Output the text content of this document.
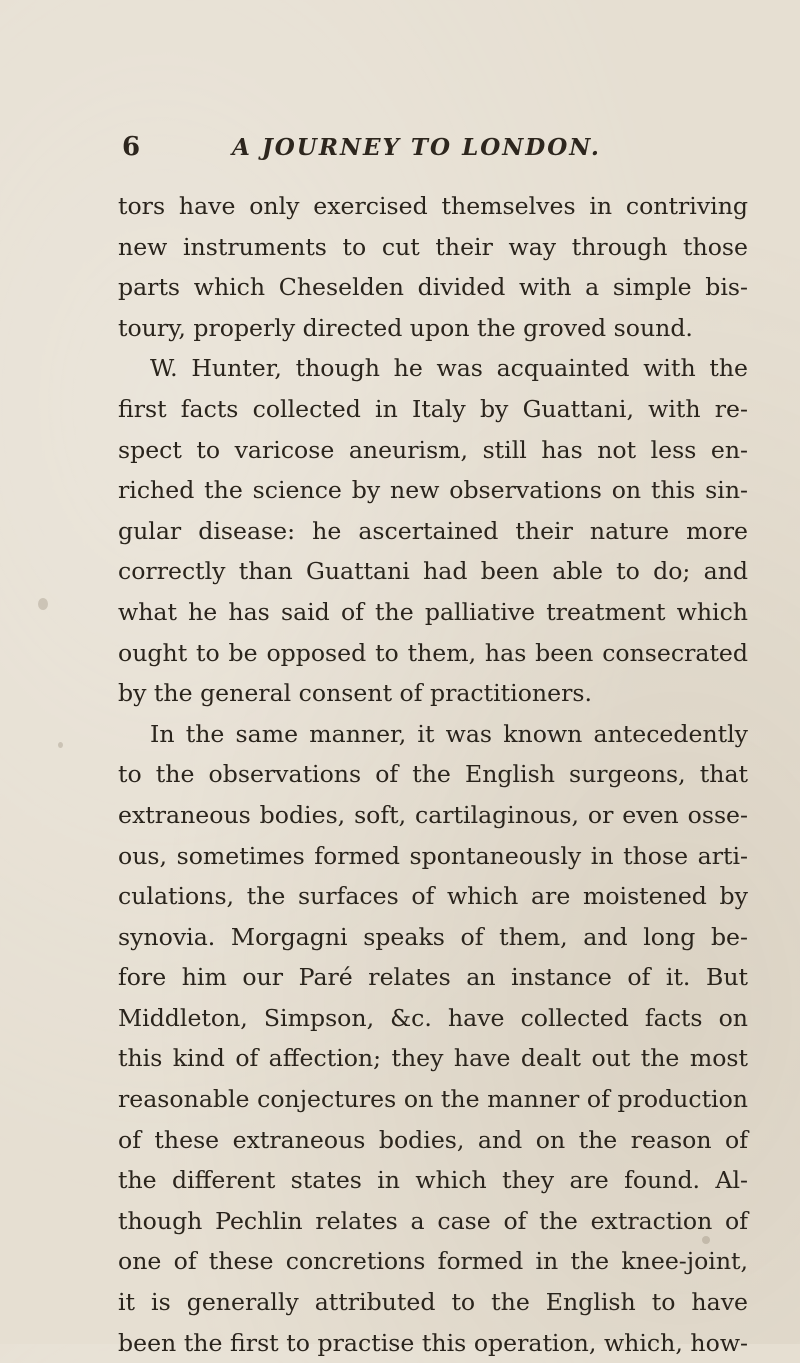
6	A JOURNEY TO LONDON.
tors have only exercised themselves in contriving
new instruments to cut their way through those
parts which Cheselden divided with a simple bis-
toury, properly directed upon the groved sound.
W. Hunter, though he was acquainted with the
first facts collected in Italy by Guattani, with re-
spect to varicose aneurism, still has not less en-
riched the science by new observations on this sin-
gular disease: he ascertained their nature more
correctly than Guattani had been able to do; and
what he has said of the palliative treatment which
ought to be opposed to them, has been consecrated
by the general consent of practitioners.
In the same manner, it was known antecedently
to the observations of the English surgeons, that
extraneous bodies, soft, cartilaginous, or even osse-
ous, sometimes formed spontaneously in those arti-
culations, the surfaces of which are moistened by
synovia. Morgagni speaks of them, and long be-
fore him our Paré relates an instance of it. But
Middleton, Simpson, &c. have collected facts on
this kind of affection; they have dealt out the most
reasonable conjectures on the manner of production
of these extraneous bodies, and on the reason of
the different states in which they are found. Al-
though Pechlin relates a case of the extraction of
one of these concretions formed in the knee-joint,
it is generally attributed to the English to have
been the first to practise this operation, which, how-
